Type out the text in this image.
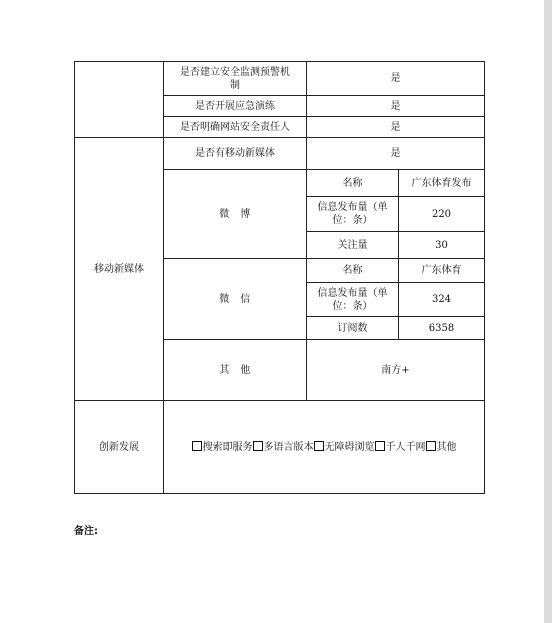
	是否建立安全监测预警机制	是	
	是否开展应急演练	是	
	是否明确网站安全责任人	是	
移动新媒体	是否有移动新媒体	是	
	微　博	名称	广东体育发布
		信息发布量（单位：条）	220
		关注量	30
	微　信	名称	广东体育
		信息发布量（单位：条）	324
		订阅数	6358
	其　他	南方+	
创新发展	搜索即服务 多语言版本 无障碍浏览 千人千网 其他		
备注:
